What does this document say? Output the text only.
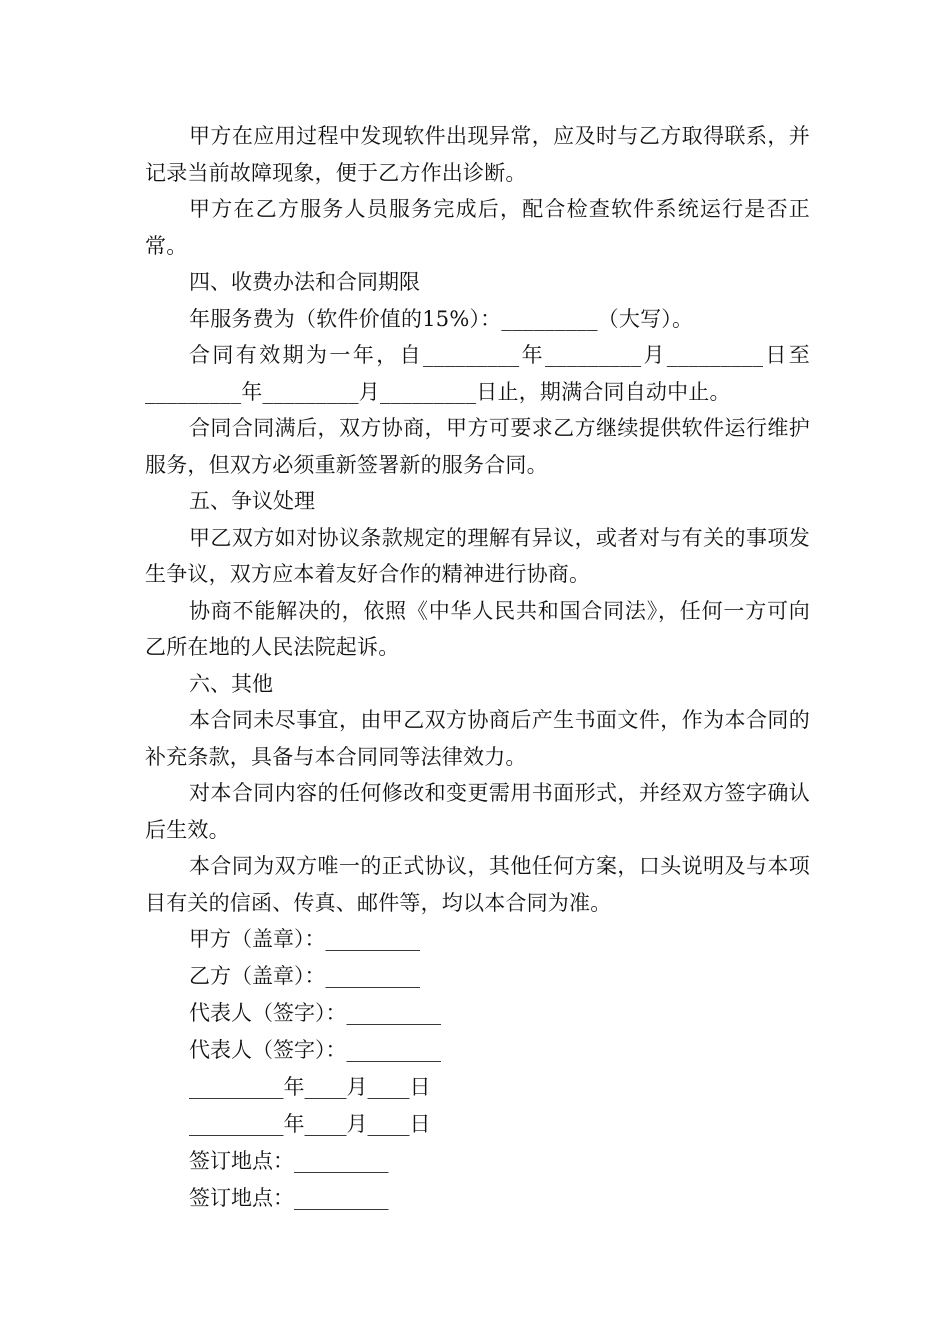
甲方在应用过程中发现软件出现异常，应及时与乙方取得联系，并记录当前故障现象，便于乙方作出诊断。

甲方在乙方服务人员服务完成后，配合检查软件系统运行是否正常。

四、收费办法和合同期限

年服务费为（软件价值的15%）：_________（大写）。

合同有效期为一年，自_________年_________月_________日至_________年_________月_________日止，期满合同自动中止。

合同合同满后，双方协商，甲方可要求乙方继续提供软件运行维护服务，但双方必须重新签署新的服务合同。

五、争议处理

甲乙双方如对协议条款规定的理解有异议，或者对与有关的事项发生争议，双方应本着友好合作的精神进行协商。

协商不能解决的，依照《中华人民共和国合同法》，任何一方可向乙所在地的人民法院起诉。

六、其他

本合同未尽事宜，由甲乙双方协商后产生书面文件，作为本合同的补充条款，具备与本合同同等法律效力。

对本合同内容的任何修改和变更需用书面形式，并经双方签字确认后生效。

本合同为双方唯一的正式协议，其他任何方案，口头说明及与本项目有关的信函、传真、邮件等，均以本合同为准。

甲方（盖章）：_________

乙方（盖章）：_________

代表人（签字）：_________

代表人（签字）：_________

_________年____月____日

_________年____月____日

签订地点：_________

签订地点：_________
